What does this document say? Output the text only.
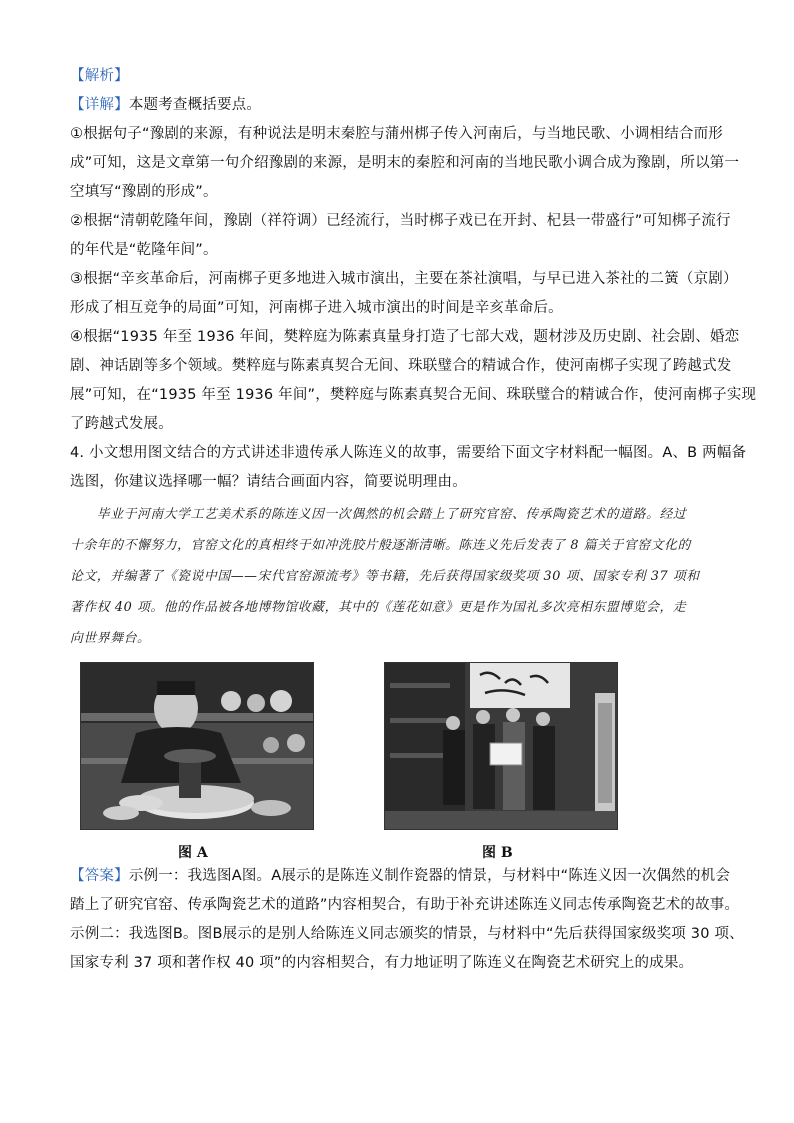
【解析】
【详解】本题考查概括要点。
①根据句子“豫剧的来源，有种说法是明末秦腔与蒲州梆子传入河南后，与当地民歌、小调相结合而形
成”可知，这是文章第一句介绍豫剧的来源，是明末的秦腔和河南的当地民歌小调合成为豫剧，所以第一
空填写“豫剧的形成”。
②根据“清朝乾隆年间，豫剧（祥符调）已经流行，当时梆子戏已在开封、杞县一带盛行”可知梆子流行
的年代是“乾隆年间”。
③根据“辛亥革命后，河南梆子更多地进入城市演出，主要在茶社演唱，与早已进入茶社的二簧（京剧）
形成了相互竞争的局面”可知，河南梆子进入城市演出的时间是辛亥革命后。
④根据“1935 年至 1936 年间，樊粹庭为陈素真量身打造了七部大戏，题材涉及历史剧、社会剧、婚恋
剧、神话剧等多个领域。樊粹庭与陈素真契合无间、珠联璧合的精诚合作，使河南梆子实现了跨越式发
展”可知，在“1935 年至 1936 年间”，樊粹庭与陈素真契合无间、珠联璧合的精诚合作，使河南梆子实现
了跨越式发展。
4. 小文想用图文结合的方式讲述非遗传承人陈连义的故事，需要给下面文字材料配一幅图。A、B 两幅备
选图，你建议选择哪一幅？请结合画面内容，简要说明理由。
　　毕业于河南大学工艺美术系的陈连义因一次偶然的机会踏上了研究官窑、传承陶瓷艺术的道路。经过
十余年的不懈努力，官窑文化的真相终于如冲洗胶片般逐渐清晰。陈连义先后发表了 8 篇关于官窑文化的
论文，并编著了《瓷说中国——宋代官窑源流考》等书籍，先后获得国家级奖项 30 项、国家专利 37 项和
著作权 40 项。他的作品被各地博物馆收藏，其中的《莲花如意》更是作为国礼多次亮相东盟博览会，走
向世界舞台。
图 A	图 B
【答案】示例一：我选图A图。A展示的是陈连义制作瓷器的情景，与材料中“陈连义因一次偶然的机会
踏上了研究官窑、传承陶瓷艺术的道路”内容相契合，有助于补充讲述陈连义同志传承陶瓷艺术的故事。
示例二：我选图B。图B展示的是别人给陈连义同志颁奖的情景，与材料中“先后获得国家级奖项 30 项、
国家专利 37 项和著作权 40 项”的内容相契合，有力地证明了陈连义在陶瓷艺术研究上的成果。
